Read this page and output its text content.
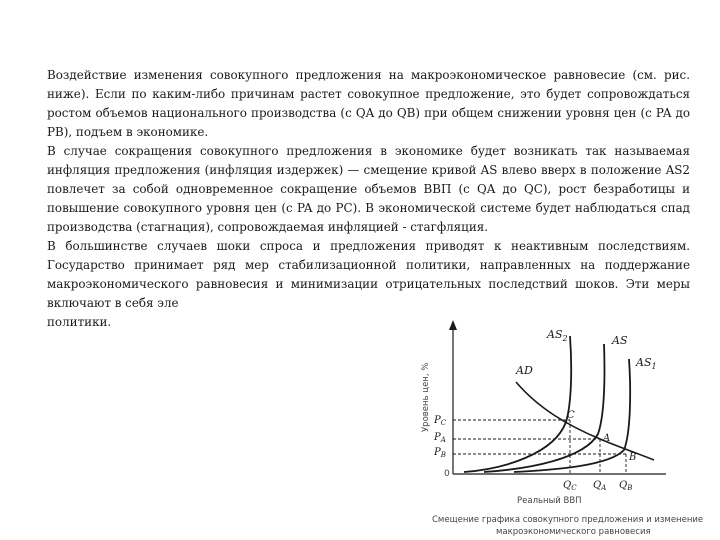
Воздействие изменения совокупного предложения на макроэкономическое равновесие (см. рис. ниже). Если по каким-либо причинам растет совокупное предложение, это будет сопровождаться ростом объемов национального производства (с QA до QB) при общем снижении уровня цен (с PA до PB), подъем в экономике.

В случае сокращения совокупного предложения в экономике будет возникать так называемая инфляция предложения (инфляция издержек) — смещение кривой AS влево вверх в положение AS2 повлечет за собой одновременное сокращение объемов ВВП (с QA до QC), рост безработицы и повышение совокупного уровня цен (с PA до PC). В экономической системе будет наблюдаться спад производства (стагнация), сопровождаемая инфляцией - стагфляция.

В большинстве случаев шоки спроса и предложения приводят к неактивным последствиям. Государство принимает ряд мер стабилизационной политики, направленных на поддержание макроэкономического равновесия и минимизации отрицательных последствий шоков. Эти меры включают в себя эле

политики.

$AS_2$	AS
$AS_1$
AD
C
A
B
$P_C$
$P_A$
$P_B$
0
$Q_C$ $Q_A$ $Q_B$
Уровень цен, %
Реальный ВВП
Смещение графика совокупного предложения и изменение
макроэкономического равновесия
